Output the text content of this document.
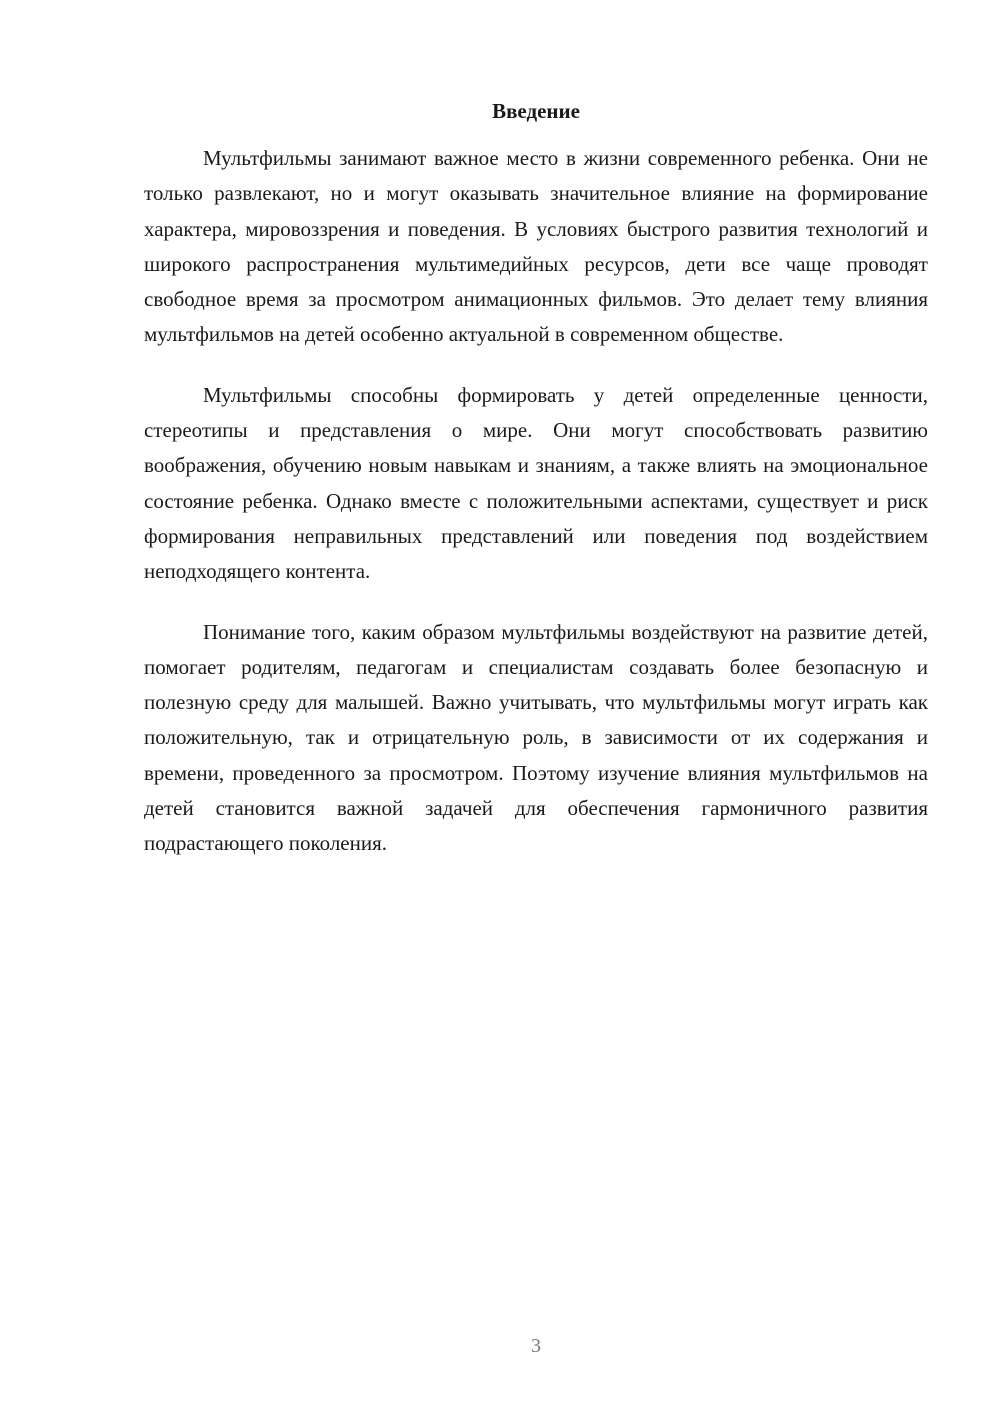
Введение

Мультфильмы занимают важное место в жизни современного ребенка. Они не только развлекают, но и могут оказывать значительное влияние на формирование характера, мировоззрения и поведения. В условиях быстрого развития технологий и широкого распространения мультимедийных ресурсов, дети все чаще проводят свободное время за просмотром анимационных фильмов. Это делает тему влияния мультфильмов на детей особенно актуальной в современном обществе.

Мультфильмы способны формировать у детей определенные ценности, стереотипы и представления о мире. Они могут способствовать развитию воображения, обучению новым навыкам и знаниям, а также влиять на эмоциональное состояние ребенка. Однако вместе с положительными аспектами, существует и риск формирования неправильных представлений или поведения под воздействием неподходящего контента.

Понимание того, каким образом мультфильмы воздействуют на развитие детей, помогает родителям, педагогам и специалистам создавать более безопасную и полезную среду для малышей. Важно учитывать, что мультфильмы могут играть как положительную, так и отрицательную роль, в зависимости от их содержания и времени, проведенного за просмотром. Поэтому изучение влияния мультфильмов на детей становится важной задачей для обеспечения гармоничного развития подрастающего поколения.

3
